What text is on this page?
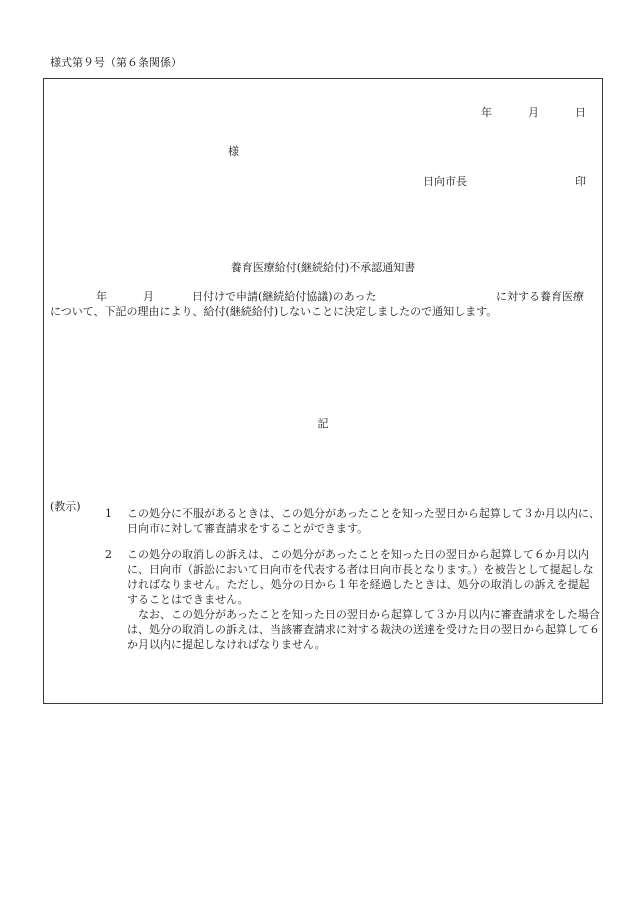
様式第９号（第６条関係）
年	月	日
様
日向市長	印
養育医療給付(継続給付)不承認通知書
年	月	日付けで申請(継続給付協議)のあった	に対する養育医療
について、下記の理由により、給付(継続給付)しないことに決定しましたので通知します。
記
(教示)

1 この処分に不服があるときは、この処分があったことを知った翌日から起算して３か月以内に、日向市に対して審査請求をすることができます。

2 この処分の取消しの訴えは、この処分があったことを知った日の翌日から起算して６か月以内に、日向市（訴訟において日向市を代表する者は日向市長となります。）を被告として提起しなければなりません。ただし、処分の日から１年を経過したときは、処分の取消しの訴えを提起することはできません。

なお、この処分があったことを知った日の翌日から起算して３か月以内に審査請求をした場合は、処分の取消しの訴えは、当該審査請求に対する裁決の送達を受けた日の翌日から起算して６か月以内に提起しなければなりません。
